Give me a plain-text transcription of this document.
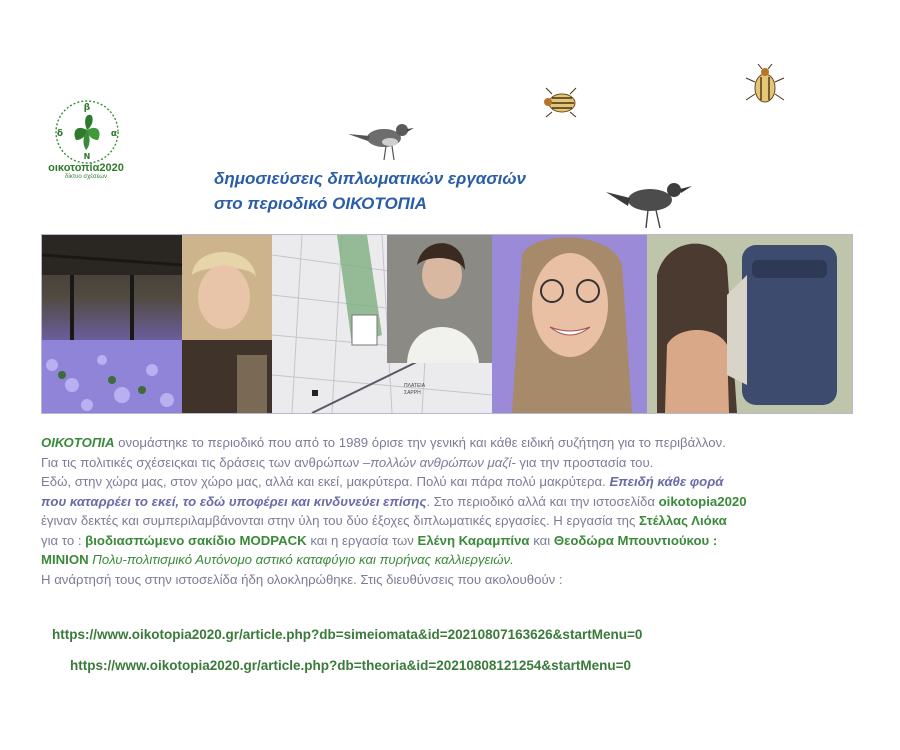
β
δ	α
Ν
οικοτοπία2020
δίκτυο σχέσεων	δημοσιεύσεις διπλωματικών εργασιών
στο περιοδικό ΟΙΚΟΤΟΠΙΑ
ΠΛΑΤΕΙΑ
ΣΑΡΡΗ

ΟΙΚΟΤΟΠΙΑ ονομάστηκε το περιοδικό που από το 1989 όρισε την γενική και κάθε ειδική συζήτηση για το περιβάλλον.

Για τις πολιτικές σχέσειςκαι τις δράσεις των ανθρώπων –πολλών ανθρώπων μαζί- για την προστασία του.

Εδώ, στην χώρα μας, στον χώρο μας, αλλά και εκεί, μακρύτερα. Πολύ και πάρα πολύ μακρύτερα. Επειδή κάθε φορά

που καταρρέει το εκεί, το εδώ υποφέρει και κινδυνεύει επίσης. Στο περιοδικό αλλά και την ιστοσελίδα oikotopia2020

έγιναν δεκτές και συμπεριλαμβάνονται στην ύλη του δύο έξοχες διπλωματικές εργασίες. Η εργασία της Στέλλας Λιόκα

για το : βιοδιασπώμενο σακίδιο MODPACK και η εργασία των Ελένη Καραμπίνα και Θεοδώρα Μπουντιούκου :

MINION Πολυ-πολιτισμικό Αυτόνομο αστικό καταφύγιο και πυρήνας καλλιεργειών.

Η ανάρτησή τους στην ιστοσελίδα ήδη ολοκληρώθηκε. Στις διευθύνσεις που ακολουθούν :

https://www.oikotopia2020.gr/article.php?db=simeiomata&id=20210807163626&startMenu=0
https://www.oikotopia2020.gr/article.php?db=theoria&id=20210808121254&startMenu=0
